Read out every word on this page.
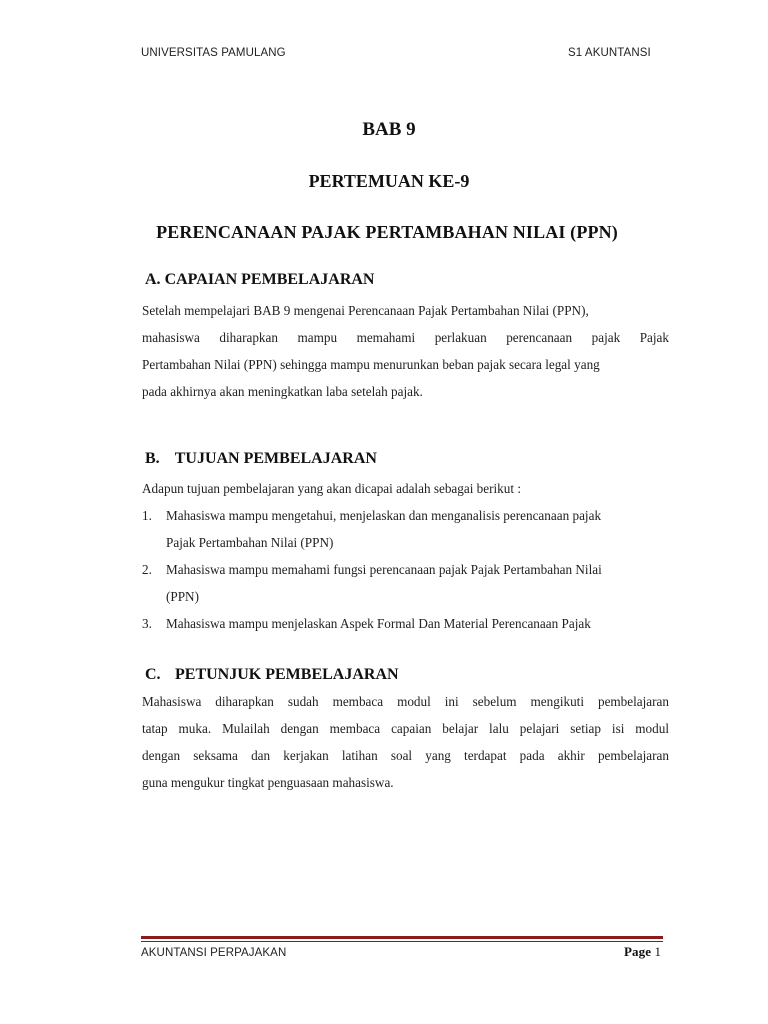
UNIVERSITAS PAMULANG	S1 AKUNTANSI
BAB 9
PERTEMUAN KE-9
PERENCANAAN PAJAK PERTAMBAHAN NILAI (PPN)
A. CAPAIAN PEMBELAJARAN
Setelah mempelajari BAB 9 mengenai Perencanaan Pajak Pertambahan Nilai (PPN),
mahasiswa diharapkan mampu memahami perlakuan perencanaan pajak Pajak
Pertambahan Nilai (PPN) sehingga mampu menurunkan beban pajak secara legal yang
pada akhirnya akan meningkatkan laba setelah pajak.
B. TUJUAN PEMBELAJARAN
Adapun tujuan pembelajaran yang akan dicapai adalah sebagai berikut :
1. Mahasiswa mampu mengetahui, menjelaskan dan menganalisis perencanaan pajak
Pajak Pertambahan Nilai (PPN)
2. Mahasiswa mampu memahami fungsi perencanaan pajak Pajak Pertambahan Nilai
(PPN)
3. Mahasiswa mampu menjelaskan Aspek Formal Dan Material Perencanaan Pajak
C. PETUNJUK PEMBELAJARAN
Mahasiswa diharapkan sudah membaca modul ini sebelum mengikuti pembelajaran
tatap muka. Mulailah dengan membaca capaian belajar lalu pelajari setiap isi modul
dengan seksama dan kerjakan latihan soal yang terdapat pada akhir pembelajaran
guna mengukur tingkat penguasaan mahasiswa.
AKUNTANSI PERPAJAKAN	Page 1
